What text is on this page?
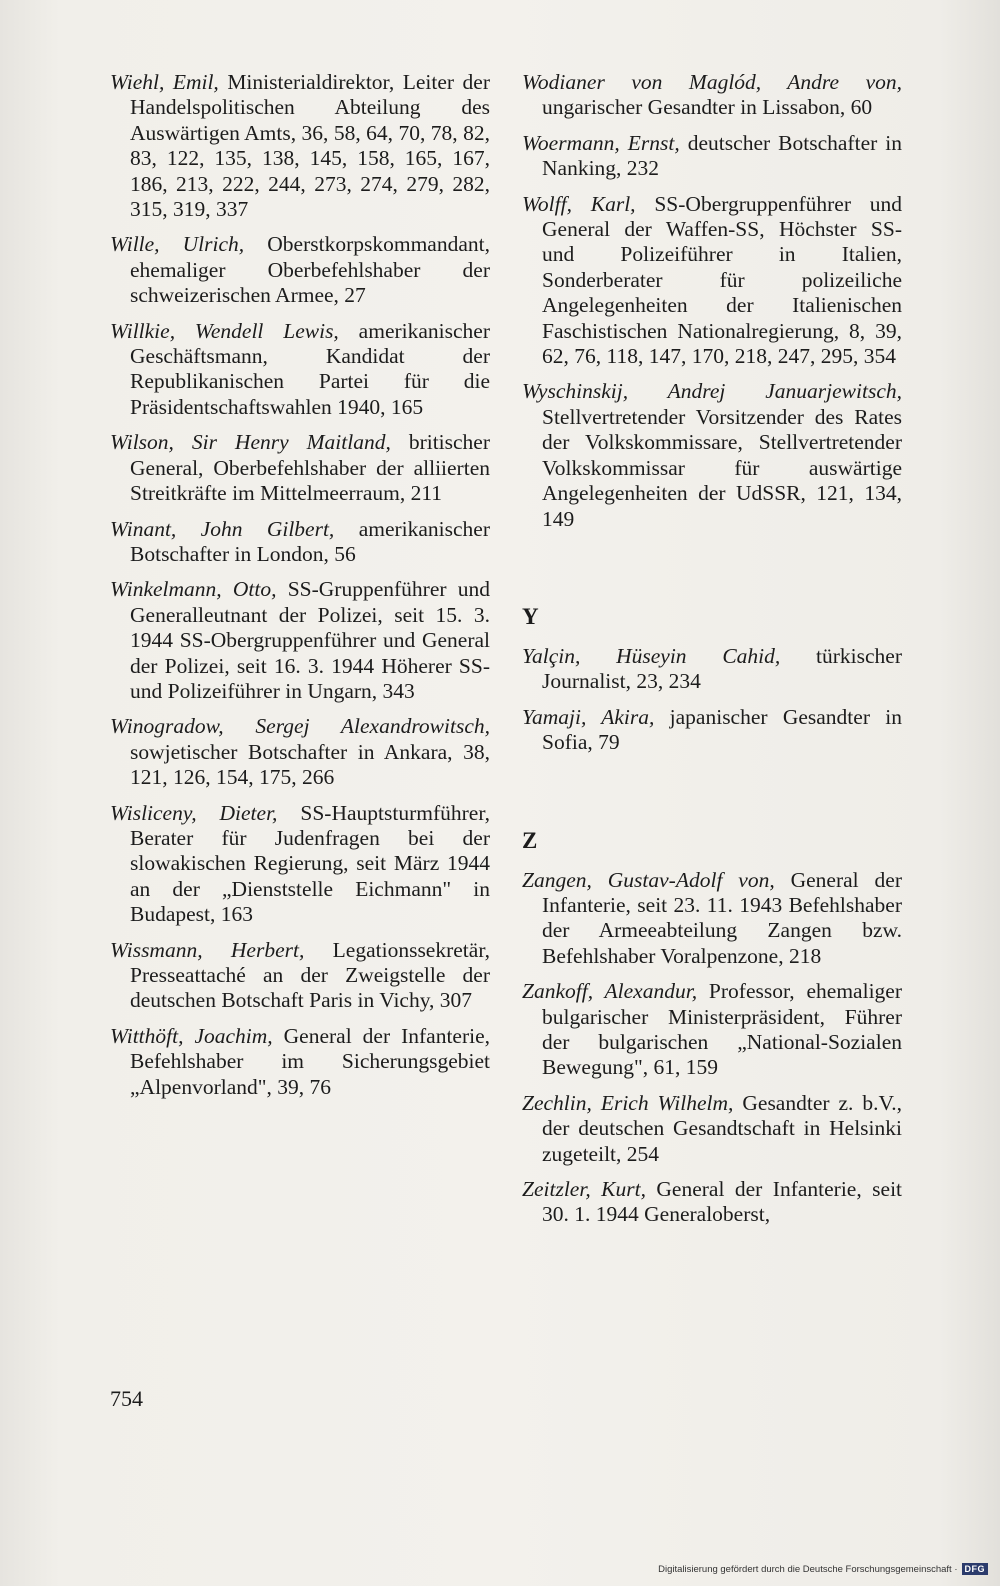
Wiehl, Emil, Ministerialdirektor, Leiter der Handelspolitischen Abteilung des Auswärtigen Amts, 36, 58, 64, 70, 78, 82, 83, 122, 135, 138, 145, 158, 165, 167, 186, 213, 222, 244, 273, 274, 279, 282, 315, 319, 337

Wille, Ulrich, Oberstkorpskommandant, ehemaliger Oberbefehlshaber der schweizerischen Armee, 27

Willkie, Wendell Lewis, amerikanischer Geschäftsmann, Kandidat der Republikanischen Partei für die Präsidentschaftswahlen 1940, 165

Wilson, Sir Henry Maitland, britischer General, Oberbefehlshaber der alliierten Streitkräfte im Mittelmeerraum, 211

Winant, John Gilbert, amerikanischer Botschafter in London, 56

Winkelmann, Otto, SS-Gruppenführer und Generalleutnant der Polizei, seit 15. 3. 1944 SS-Obergruppenführer und General der Polizei, seit 16. 3. 1944 Höherer SS- und Polizeiführer in Ungarn, 343

Winogradow, Sergej Alexandrowitsch, sowjetischer Botschafter in Ankara, 38, 121, 126, 154, 175, 266

Wisliceny, Dieter, SS-Hauptsturmführer, Berater für Judenfragen bei der slowakischen Regierung, seit März 1944 an der „Dienststelle Eichmann" in Budapest, 163

Wissmann, Herbert, Legationssekretär, Presseattaché an der Zweigstelle der deutschen Botschaft Paris in Vichy, 307

Witthöft, Joachim, General der Infanterie, Befehlshaber im Sicherungsgebiet „Alpenvorland", 39, 76

Wodianer von Maglód, Andre von, ungarischer Gesandter in Lissabon, 60

Woermann, Ernst, deutscher Botschafter in Nanking, 232

Wolff, Karl, SS-Obergruppenführer und General der Waffen-SS, Höchster SS- und Polizeiführer in Italien, Sonderberater für polizeiliche Angelegenheiten der Italienischen Faschistischen Nationalregierung, 8, 39, 62, 76, 118, 147, 170, 218, 247, 295, 354

Wyschinskij, Andrej Januarjewitsch, Stellvertretender Vorsitzender des Rates der Volkskommissare, Stellvertretender Volkskommissar für auswärtige Angelegenheiten der UdSSR, 121, 134, 149

Y

Yalçin, Hüseyin Cahid, türkischer Journalist, 23, 234

Yamaji, Akira, japanischer Gesandter in Sofia, 79

Z

Zangen, Gustav-Adolf von, General der Infanterie, seit 23. 11. 1943 Befehlshaber der Armeeabteilung Zangen bzw. Befehlshaber Voralpenzone, 218

Zankoff, Alexandur, Professor, ehemaliger bulgarischer Ministerpräsident, Führer der bulgarischen „National-Sozialen Bewegung", 61, 159

Zechlin, Erich Wilhelm, Gesandter z. b.V., der deutschen Gesandtschaft in Helsinki zugeteilt, 254

Zeitzler, Kurt, General der Infanterie, seit 30. 1. 1944 Generaloberst,

754
Digitalisierung gefördert durch die Deutsche Forschungsgemeinschaft · DFG
